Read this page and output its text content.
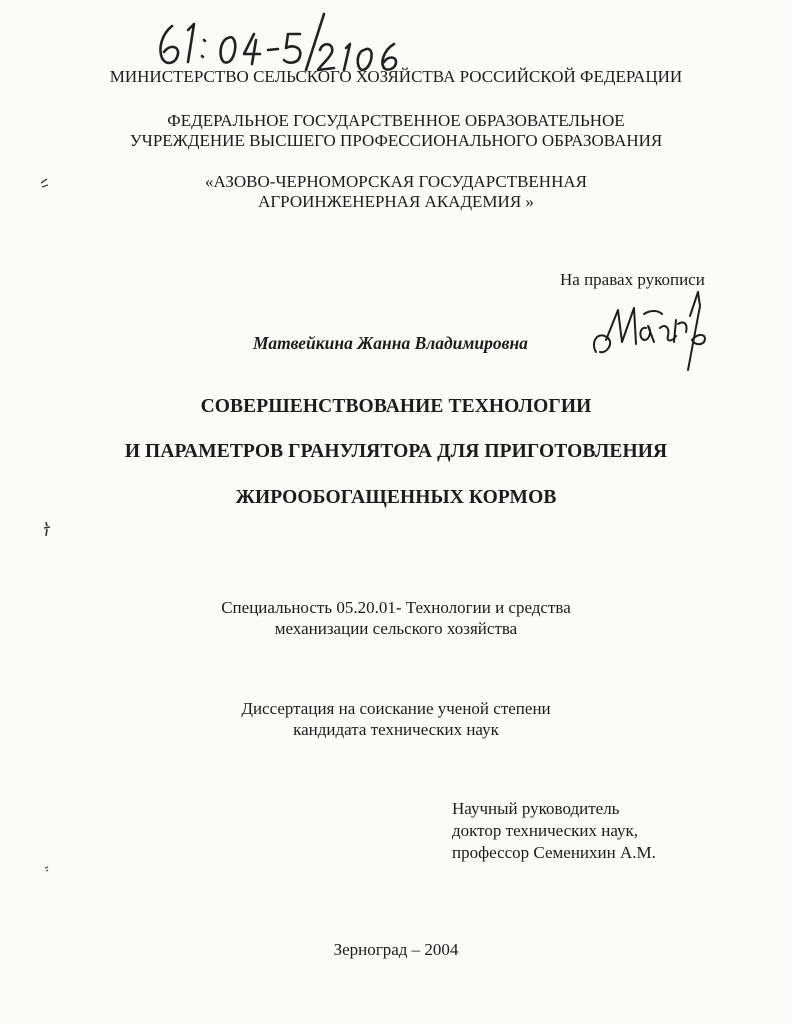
МИНИСТЕРСТВО СЕЛЬСКОГО ХОЗЯЙСТВА РОССИЙСКОЙ ФЕДЕРАЦИИ
ФЕДЕРАЛЬНОЕ ГОСУДАРСТВЕННОЕ ОБРАЗОВАТЕЛЬНОЕ
УЧРЕЖДЕНИЕ ВЫСШЕГО ПРОФЕССИОНАЛЬНОГО ОБРАЗОВАНИЯ
«АЗОВО-ЧЕРНОМОРСКАЯ ГОСУДАРСТВЕННАЯ
АГРОИНЖЕНЕРНАЯ АКАДЕМИЯ »
На правах рукописи
Матвейкина Жанна Владимировна
СОВЕРШЕНСТВОВАНИЕ ТЕХНОЛОГИИ
И ПАРАМЕТРОВ ГРАНУЛЯТОРА ДЛЯ ПРИГОТОВЛЕНИЯ
ЖИРООБОГАЩЕННЫХ КОРМОВ
Специальность 05.20.01- Технологии и средства
механизации сельского хозяйства
Диссертация на соискание ученой степени
кандидата технических наук
Научный руководитель
доктор технических наук,
профессор Семенихин А.М.
Зерноград – 2004
